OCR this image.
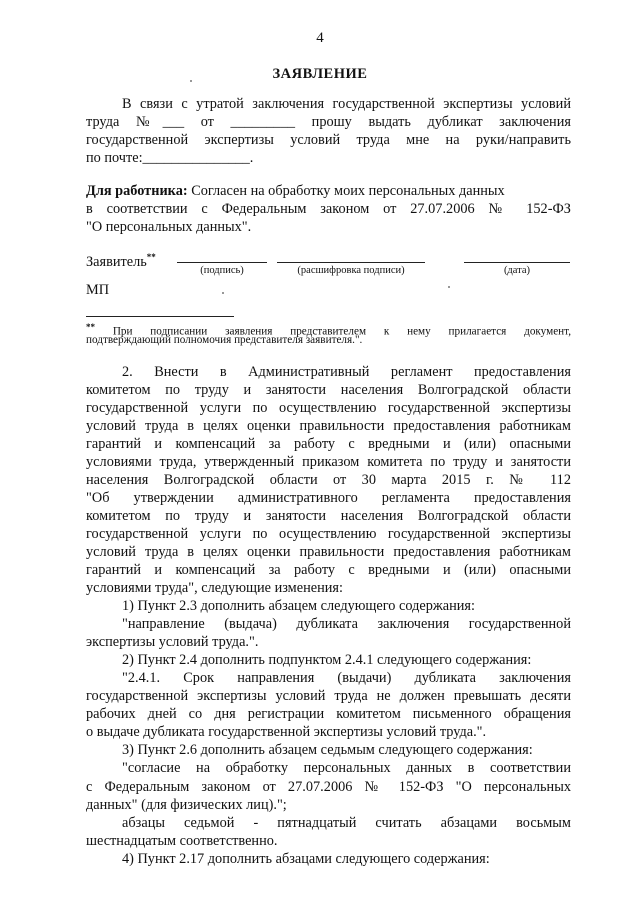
4
ЗАЯВЛЕНИЕ
В связи с утратой заключения государственной экспертизы условий
труда №___ от _________ прошу выдать дубликат заключения
государственной экспертизы условий труда мне на руки/направить
по почте:_______________.
Для работника: Согласен на обработку моих персональных данных
в соответствии с Федеральным законом от 27.07.2006 № 152-ФЗ
"О персональных данных".
Заявитель**
(подпись)	(расшифровка подписи)	(дата)
МП
** При подписании заявления представителем к нему прилагается документ,
подтверждающий полномочия представителя заявителя.".
2. Внести в Административный регламент предоставления
комитетом по труду и занятости населения Волгоградской области
государственной услуги по осуществлению государственной экспертизы
условий труда в целях оценки правильности предоставления работникам
гарантий и компенсаций за работу с вредными и (или) опасными
условиями труда, утвержденный приказом комитета по труду и занятости
населения Волгоградской области от 30 марта 2015 г. № 112
"Об утверждении административного регламента предоставления
комитетом по труду и занятости населения Волгоградской области
государственной услуги по осуществлению государственной экспертизы
условий труда в целях оценки правильности предоставления работникам
гарантий и компенсаций за работу с вредными и (или) опасными
условиями труда", следующие изменения:
1) Пункт 2.3 дополнить абзацем следующего содержания:
"направление (выдача) дубликата заключения государственной
экспертизы условий труда.".
2) Пункт 2.4 дополнить подпунктом 2.4.1 следующего содержания:
"2.4.1. Срок направления (выдачи) дубликата заключения
государственной экспертизы условий труда не должен превышать десяти
рабочих дней со дня регистрации комитетом письменного обращения
о выдаче дубликата государственной экспертизы условий труда.".
3) Пункт 2.6 дополнить абзацем седьмым следующего содержания:
"согласие на обработку персональных данных в соответствии
с Федеральным законом от 27.07.2006 № 152-ФЗ "О персональных
данных" (для физических лиц).";
абзацы седьмой - пятнадцатый считать абзацами восьмым
шестнадцатым соответственно.
4) Пункт 2.17 дополнить абзацами следующего содержания:
